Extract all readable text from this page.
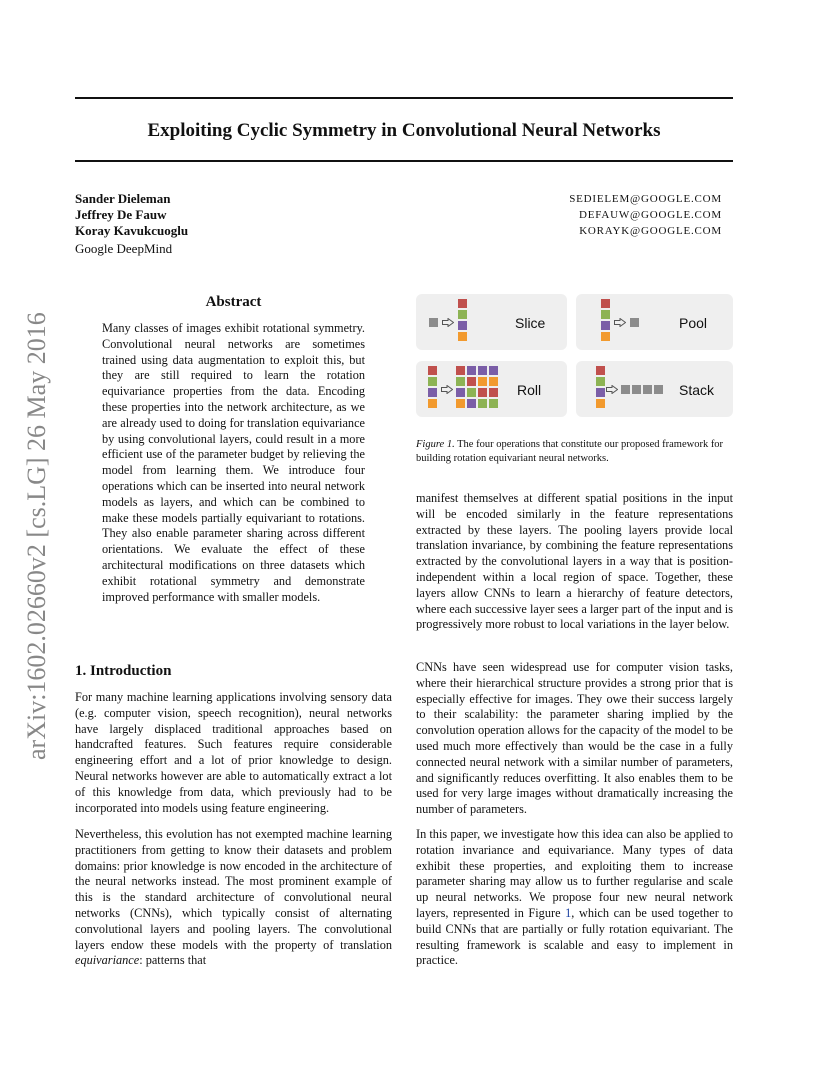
Exploiting Cyclic Symmetry in Convolutional Neural Networks
Sander Dieleman
Jeffrey De Fauw
Koray Kavukcuoglu
Google DeepMind
SEDIELEM@GOOGLE.COM
DEFAUW@GOOGLE.COM
KORAYK@GOOGLE.COM
arXiv:1602.02660v2 [cs.LG] 26 May 2016
Abstract
Many classes of images exhibit rotational symmetry. Convolutional neural networks are sometimes trained using data augmentation to exploit this, but they are still required to learn the rotation equivariance properties from the data. Encoding these properties into the network architecture, as we are already used to doing for translation equivariance by using convolutional layers, could result in a more efficient use of the parameter budget by relieving the model from learning them. We introduce four operations which can be inserted into neural network models as layers, and which can be combined to make these models partially equivariant to rotations. They also enable parameter sharing across different orientations. We evaluate the effect of these architectural modifications on three datasets which exhibit rotational symmetry and demonstrate improved performance with smaller models.
1. Introduction
For many machine learning applications involving sensory data (e.g. computer vision, speech recognition), neural networks have largely displaced traditional approaches based on handcrafted features. Such features require considerable engineering effort and a lot of prior knowledge to design. Neural networks however are able to automatically extract a lot of this knowledge from data, which previously had to be incorporated into models using feature engineering.
Nevertheless, this evolution has not exempted machine learning practitioners from getting to know their datasets and problem domains: prior knowledge is now encoded in the architecture of the neural networks instead. The most prominent example of this is the standard architecture of convolutional neural networks (CNNs), which typically consist of alternating convolutional layers and pooling layers. The convolutional layers endow these models with the property of translation equivariance: patterns that
Slice	Pool
Roll	Stack
Figure 1. The four operations that constitute our proposed framework for building rotation equivariant neural networks.
manifest themselves at different spatial positions in the input will be encoded similarly in the feature representations extracted by these layers. The pooling layers provide local translation invariance, by combining the feature representations extracted by the convolutional layers in a way that is position-independent within a local region of space. Together, these layers allow CNNs to learn a hierarchy of feature detectors, where each successive layer sees a larger part of the input and is progressively more robust to local variations in the layer below.
CNNs have seen widespread use for computer vision tasks, where their hierarchical structure provides a strong prior that is especially effective for images. They owe their success largely to their scalability: the parameter sharing implied by the convolution operation allows for the capacity of the model to be used much more effectively than would be the case in a fully connected neural network with a similar number of parameters, and significantly reduces overfitting. It also enables them to be used for very large images without dramatically increasing the number of parameters.
In this paper, we investigate how this idea can also be applied to rotation invariance and equivariance. Many types of data exhibit these properties, and exploiting them to increase parameter sharing may allow us to further regularise and scale up neural networks. We propose four new neural network layers, represented in Figure 1, which can be used together to build CNNs that are partially or fully rotation equivariant. The resulting framework is scalable and easy to implement in practice.
